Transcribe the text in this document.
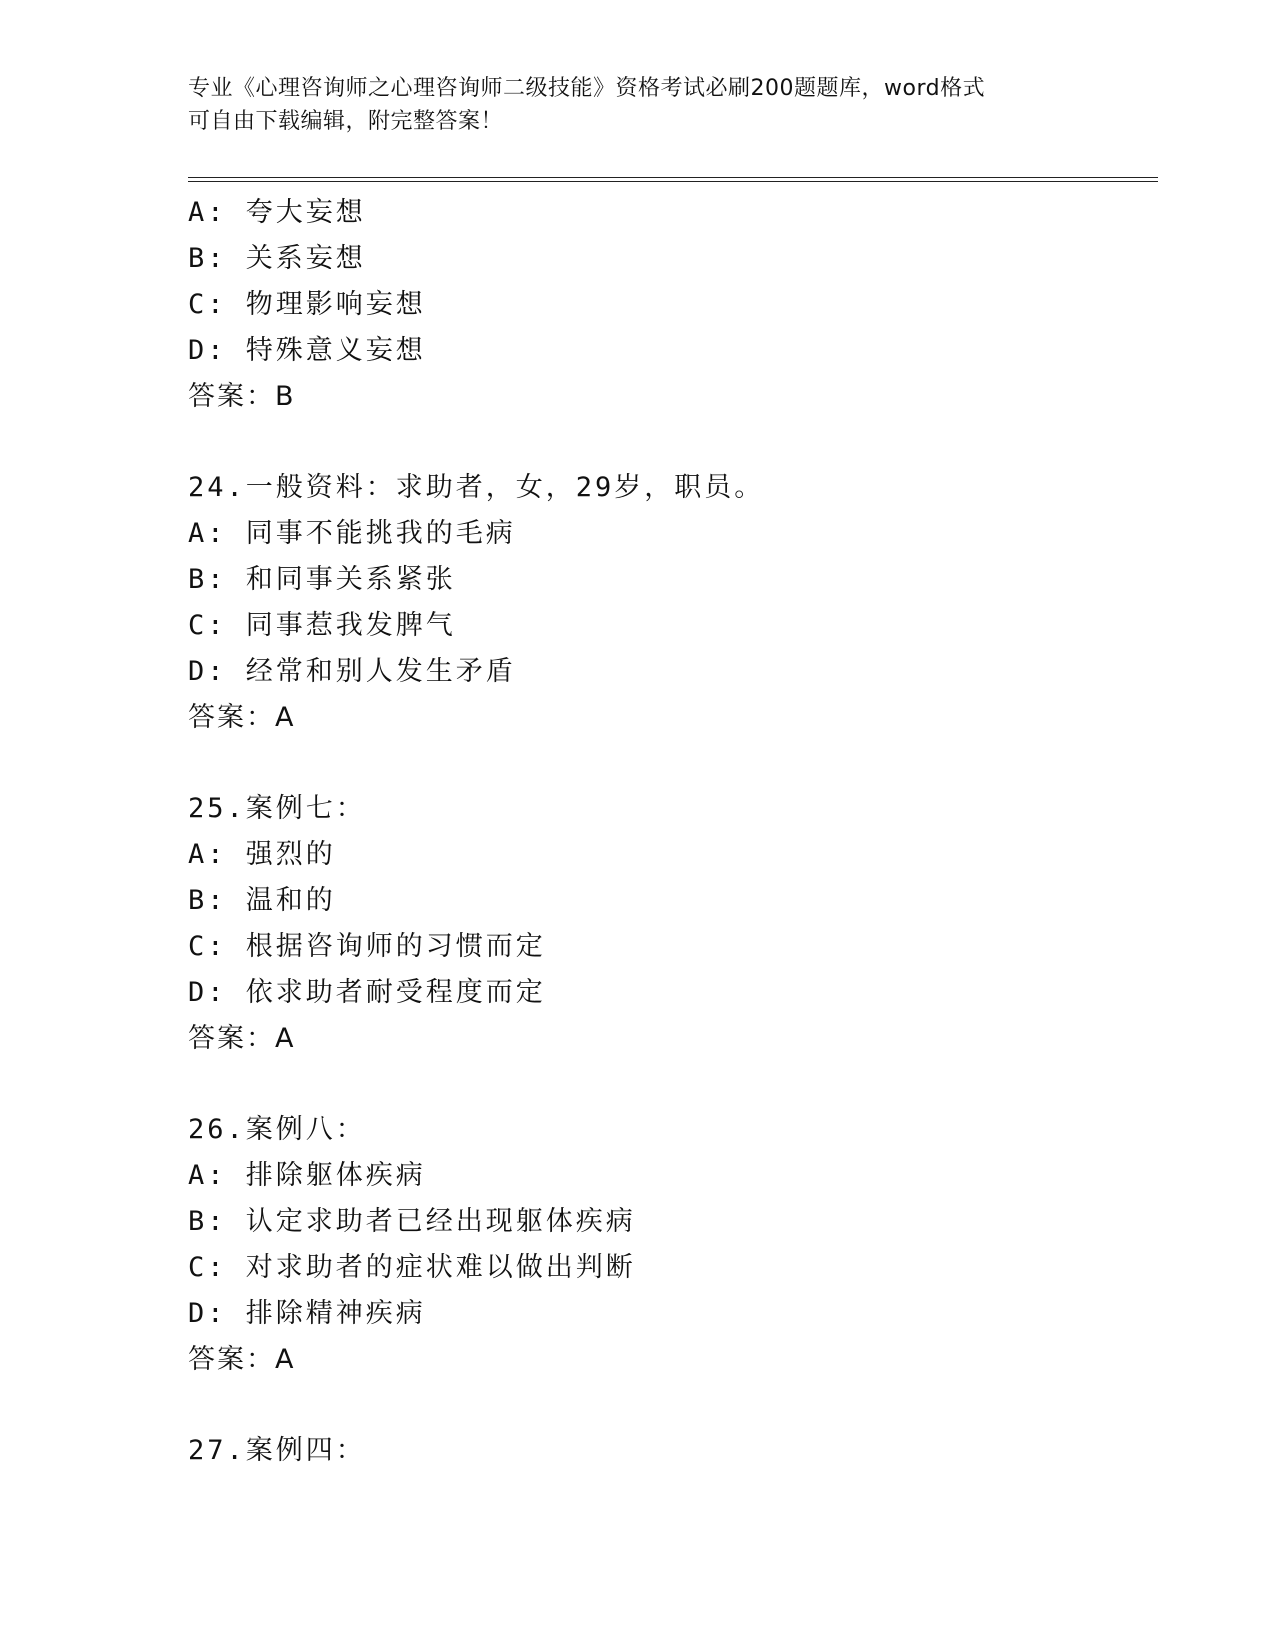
专业《心理咨询师之心理咨询师二级技能》资格考试必刷200题题库，word格式
可自由下载编辑，附完整答案！
A: 夸大妄想
B: 关系妄想
C: 物理影响妄想
D: 特殊意义妄想
答案：B
24.一般资料：求助者，女，29岁，职员。
A: 同事不能挑我的毛病
B: 和同事关系紧张
C: 同事惹我发脾气
D: 经常和别人发生矛盾
答案：A
25.案例七：
A: 强烈的
B: 温和的
C: 根据咨询师的习惯而定
D: 依求助者耐受程度而定
答案：A
26.案例八：
A: 排除躯体疾病
B: 认定求助者已经出现躯体疾病
C: 对求助者的症状难以做出判断
D: 排除精神疾病
答案：A
27.案例四：
